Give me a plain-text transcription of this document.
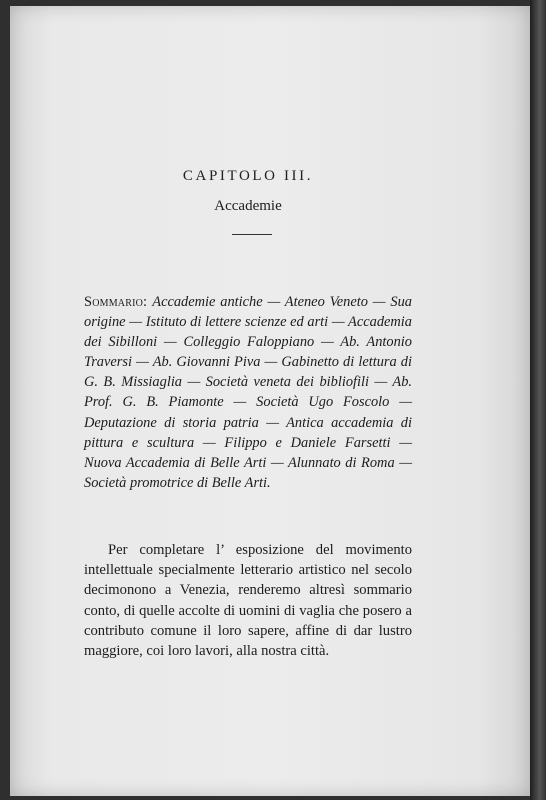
CAPITOLO III.
Accademie
Sommario: Accademie antiche — Ateneo Veneto — Sua origine — Istituto di lettere scienze ed arti — Accademia dei Sibilloni — Colleggio Faloppiano — Ab. Antonio Traversi — Ab. Giovanni Piva — Gabinetto di lettura di G. B. Missiaglia — Società veneta dei bibliofili — Ab. Prof. G. B. Piamonte — Società Ugo Foscolo — Deputazione di storia patria — Antica accademia di pittura e scultura — Filippo e Daniele Farsetti — Nuova Accademia di Belle Arti — Alunnato di Roma — Società promotrice di Belle Arti.
Per completare l’ esposizione del movimento intellettuale specialmente letterario artistico nel secolo decimonono a Venezia, renderemo altresì sommario conto, di quelle accolte di uomini di vaglia che posero a contributo comune il loro sapere, affine di dar lustro maggiore, coi loro lavori, alla nostra città.
